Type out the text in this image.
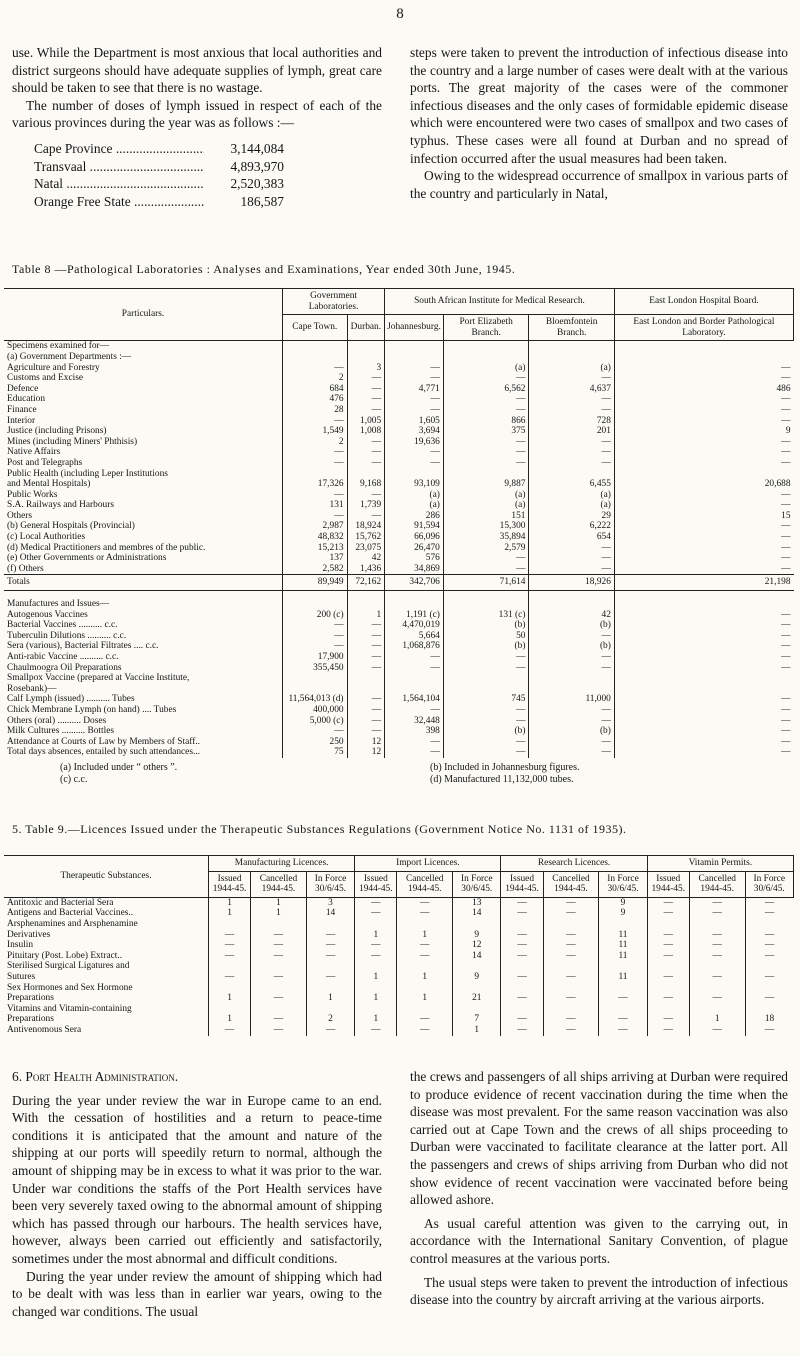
8

use. While the Department is most anxious that local authorities and district surgeons should have adequate supplies of lymph, great care should be taken to see that there is no wastage.

The number of doses of lymph issued in respect of each of the various provinces during the year was as follows :—

Cape Province .....	3,144,084
Transvaal .....	4,893,970
Natal .....	2,520,383
Orange Free State .....	186,587

steps were taken to prevent the introduction of infectious disease into the country and a large number of cases were dealt with at the various ports. The great majority of the cases were of the commoner infectious diseases and the only cases of formidable epidemic disease which were encountered were two cases of smallpox and two cases of typhus. These cases were all found at Durban and no spread of infection occurred after the usual measures had been taken.

Owing to the widespread occurrence of smallpox in various parts of the country and particularly in Natal,

Table 8 —Pathological Laboratories : Analyses and Examinations, Year ended 30th June, 1945.
Particulars.	Government Laboratories.		South African Institute for Medical Research.			East London Hospital Board.
	Cape Town.	Durban.	Johannesburg.	Port Elizabeth Branch.	Bloemfontein Branch.	East London and Border Pathological Laboratory.
Specimens examined for—						
(a) Government Departments :—						
Agriculture and Forestry	—	3	—	(a)	(a)	—
Customs and Excise	2	—	—	—	—	—
Defence	684	—	4,771	6,562	4,637	486
Education	476	—	—	—	—	—
Finance	28	—	—	—	—	—
Interior	—	1,005	1,605	866	728	—
Justice (including Prisons)	1,549	1,008	3,694	375	201	9
Mines (including Miners' Phthisis)	2	—	19,636	—	—	—
Native Affairs	—	—	—	—	—	—
Post and Telegraphs	—	—	—	—	—	—
Public Health (including Leper Institutions						
and Mental Hospitals)	17,326	9,168	93,109	9,887	6,455	20,688
Public Works	—	—	(a)	(a)	(a)	—
S.A. Railways and Harbours	131	1,739	(a)	(a)	(a)	—
Others	—	—	286	151	29	15
(b) General Hospitals (Provincial)	2,987	18,924	91,594	15,300	6,222	—
(c) Local Authorities	48,832	15,762	66,096	35,894	654	—
(d) Medical Practitioners and membres of the public.	15,213	23,075	26,470	2,579	—	—
(e) Other Governments or Administrations	137	42	576	—	—	—
(f) Others	2,582	1,436	34,869	—	—	—
Totals	89,949	72,162	342,706	71,614	18,926	21,198

Manufactures and Issues—						
Autogenous Vaccines	200 (c)	1	1,191 (c)	131 (c)	42	—
Bacterial Vaccines .......... c.c.	—	—	4,470,019	(b)	(b)	—
Tuberculin Dilutions .......... c.c.	—	—	5,664	50	—	—
Sera (various), Bacterial Filtrates .... c.c.	—	—	1,068,876	(b)	(b)	—
Anti-rabic Vaccine .......... c.c.	17,900	—	—	—	—	—
Chaulmoogra Oil Preparations	355,450	—	—	—	—	—
Smallpox Vaccine (prepared at Vaccine Institute,						
Rosebank)—						
Calf Lymph (issued) .......... Tubes	11,564,013 (d)	—	1,564,104	745	11,000	—
Chick Membrane Lymph (on hand) .... Tubes	400,000	—	—	—	—	—
Others (oral) .......... Doses	5,000 (c)	—	32,448	—	—	—
Milk Cultures .......... Bottles	—	—	398	(b)	(b)	—
Attendance at Courts of Law by Members of Staff..	250	12	—	—	—	—
Total days absences, entailed by such attendances...	75	12	—	—	—	—
(a) Included under “ others ”.	(b) Included in Johannesburg figures.
(c) c.c.	(d) Manufactured 11,132,000 tubes.
5. Table 9.—Licences Issued under the Therapeutic Substances Regulations (Government Notice No. 1131 of 1935).
Therapeutic Substances.	Manufacturing Licences.			Import Licences.			Research Licences.			Vitamin Permits.		
	Issued 1944-45.	Cancelled 1944-45.	In Force 30/6/45.	Issued 1944-45.	Cancelled 1944-45.	In Force 30/6/45.	Issued 1944-45.	Cancelled 1944-45.	In Force 30/6/45.	Issued 1944-45.	Cancelled 1944-45.	In Force 30/6/45.
Antitoxic and Bacterial Sera	1	1	3	—	—	13	—	—	9	—	—	—
Antigens and Bacterial Vaccines..	1	1	14	—	—	14	—	—	9	—	—	—
Arsphenamines and Arsphenamine												
Derivatives	—	—	—	1	1	9	—	—	11	—	—	—
Insulin	—	—	—	—	—	12	—	—	11	—	—	—
Pituitary (Post. Lobe) Extract..	—	—	—	—	—	14	—	—	11	—	—	—
Sterilised Surgical Ligatures and												
Sutures	—	—	—	1	1	9	—	—	11	—	—	—
Sex Hormones and Sex Hormone												
Preparations	1	—	1	1	1	21	—	—	—	—	—	—
Vitamins and Vitamin-containing												
Preparations	1	—	2	1	—	7	—	—	—	—	1	18
Antivenomous Sera	—	—	—	—	—	1	—	—	—	—	—	—
6. Port Health Administration.

During the year under review the war in Europe came to an end. With the cessation of hostilities and a return to peace-time conditions it is anticipated that the amount and nature of the shipping at our ports will speedily return to normal, although the amount of shipping may be in excess to what it was prior to the war. Under war conditions the staffs of the Port Health services have been very severely taxed owing to the abnormal amount of shipping which has passed through our harbours. The health services have, however, always been carried out efficiently and satisfactorily, sometimes under the most abnormal and difficult conditions.

During the year under review the amount of shipping which had to be dealt with was less than in earlier war years, owing to the changed war conditions. The usual

the crews and passengers of all ships arriving at Durban were required to produce evidence of recent vaccination during the time when the disease was most prevalent. For the same reason vaccination was also carried out at Cape Town and the crews of all ships proceeding to Durban were vaccinated to facilitate clearance at the latter port. All the passengers and crews of ships arriving from Durban who did not show evidence of recent vaccination were vaccinated before being allowed ashore.

As usual careful attention was given to the carrying out, in accordance with the International Sanitary Convention, of plague control measures at the various ports.

The usual steps were taken to prevent the introduction of infectious disease into the country by aircraft arriving at the various airports.
